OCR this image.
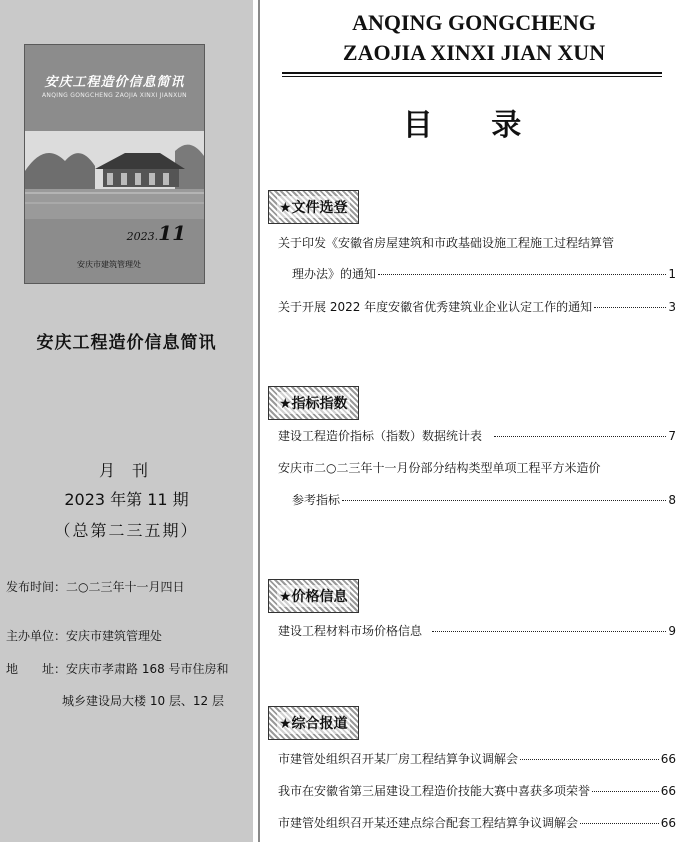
安庆工程造价信息简讯
ANQING GONGCHENG ZAOJIA XINXI JIANXUN
2023.11
安庆市建筑管理处
安庆工程造价信息简讯
月 刊
2023 年第 11 期
（总第二三五期）
发布时间：二○二三年十一月四日
主办单位：安庆市建筑管理处
地　　址：安庆市孝肃路 168 号市住房和
城乡建设局大楼 10 层、12 层
ANQING GONGCHENG
ZAOJIA XINXI JIAN XUN
目 录
★文件选登
关于印发《安徽省房屋建筑和市政基础设施工程施工过程结算管
理办法》的通知	1
关于开展 2022 年度安徽省优秀建筑业企业认定工作的通知	3
★指标指数
建设工程造价指标（指数）数据统计表	7
安庆市二○二三年十一月份部分结构类型单项工程平方米造价
参考指标	8
★价格信息
建设工程材料市场价格信息	9
★综合报道
市建管处组织召开某厂房工程结算争议调解会	66
我市在安徽省第三届建设工程造价技能大赛中喜获多项荣誉	66
市建管处组织召开某还建点综合配套工程结算争议调解会	66
